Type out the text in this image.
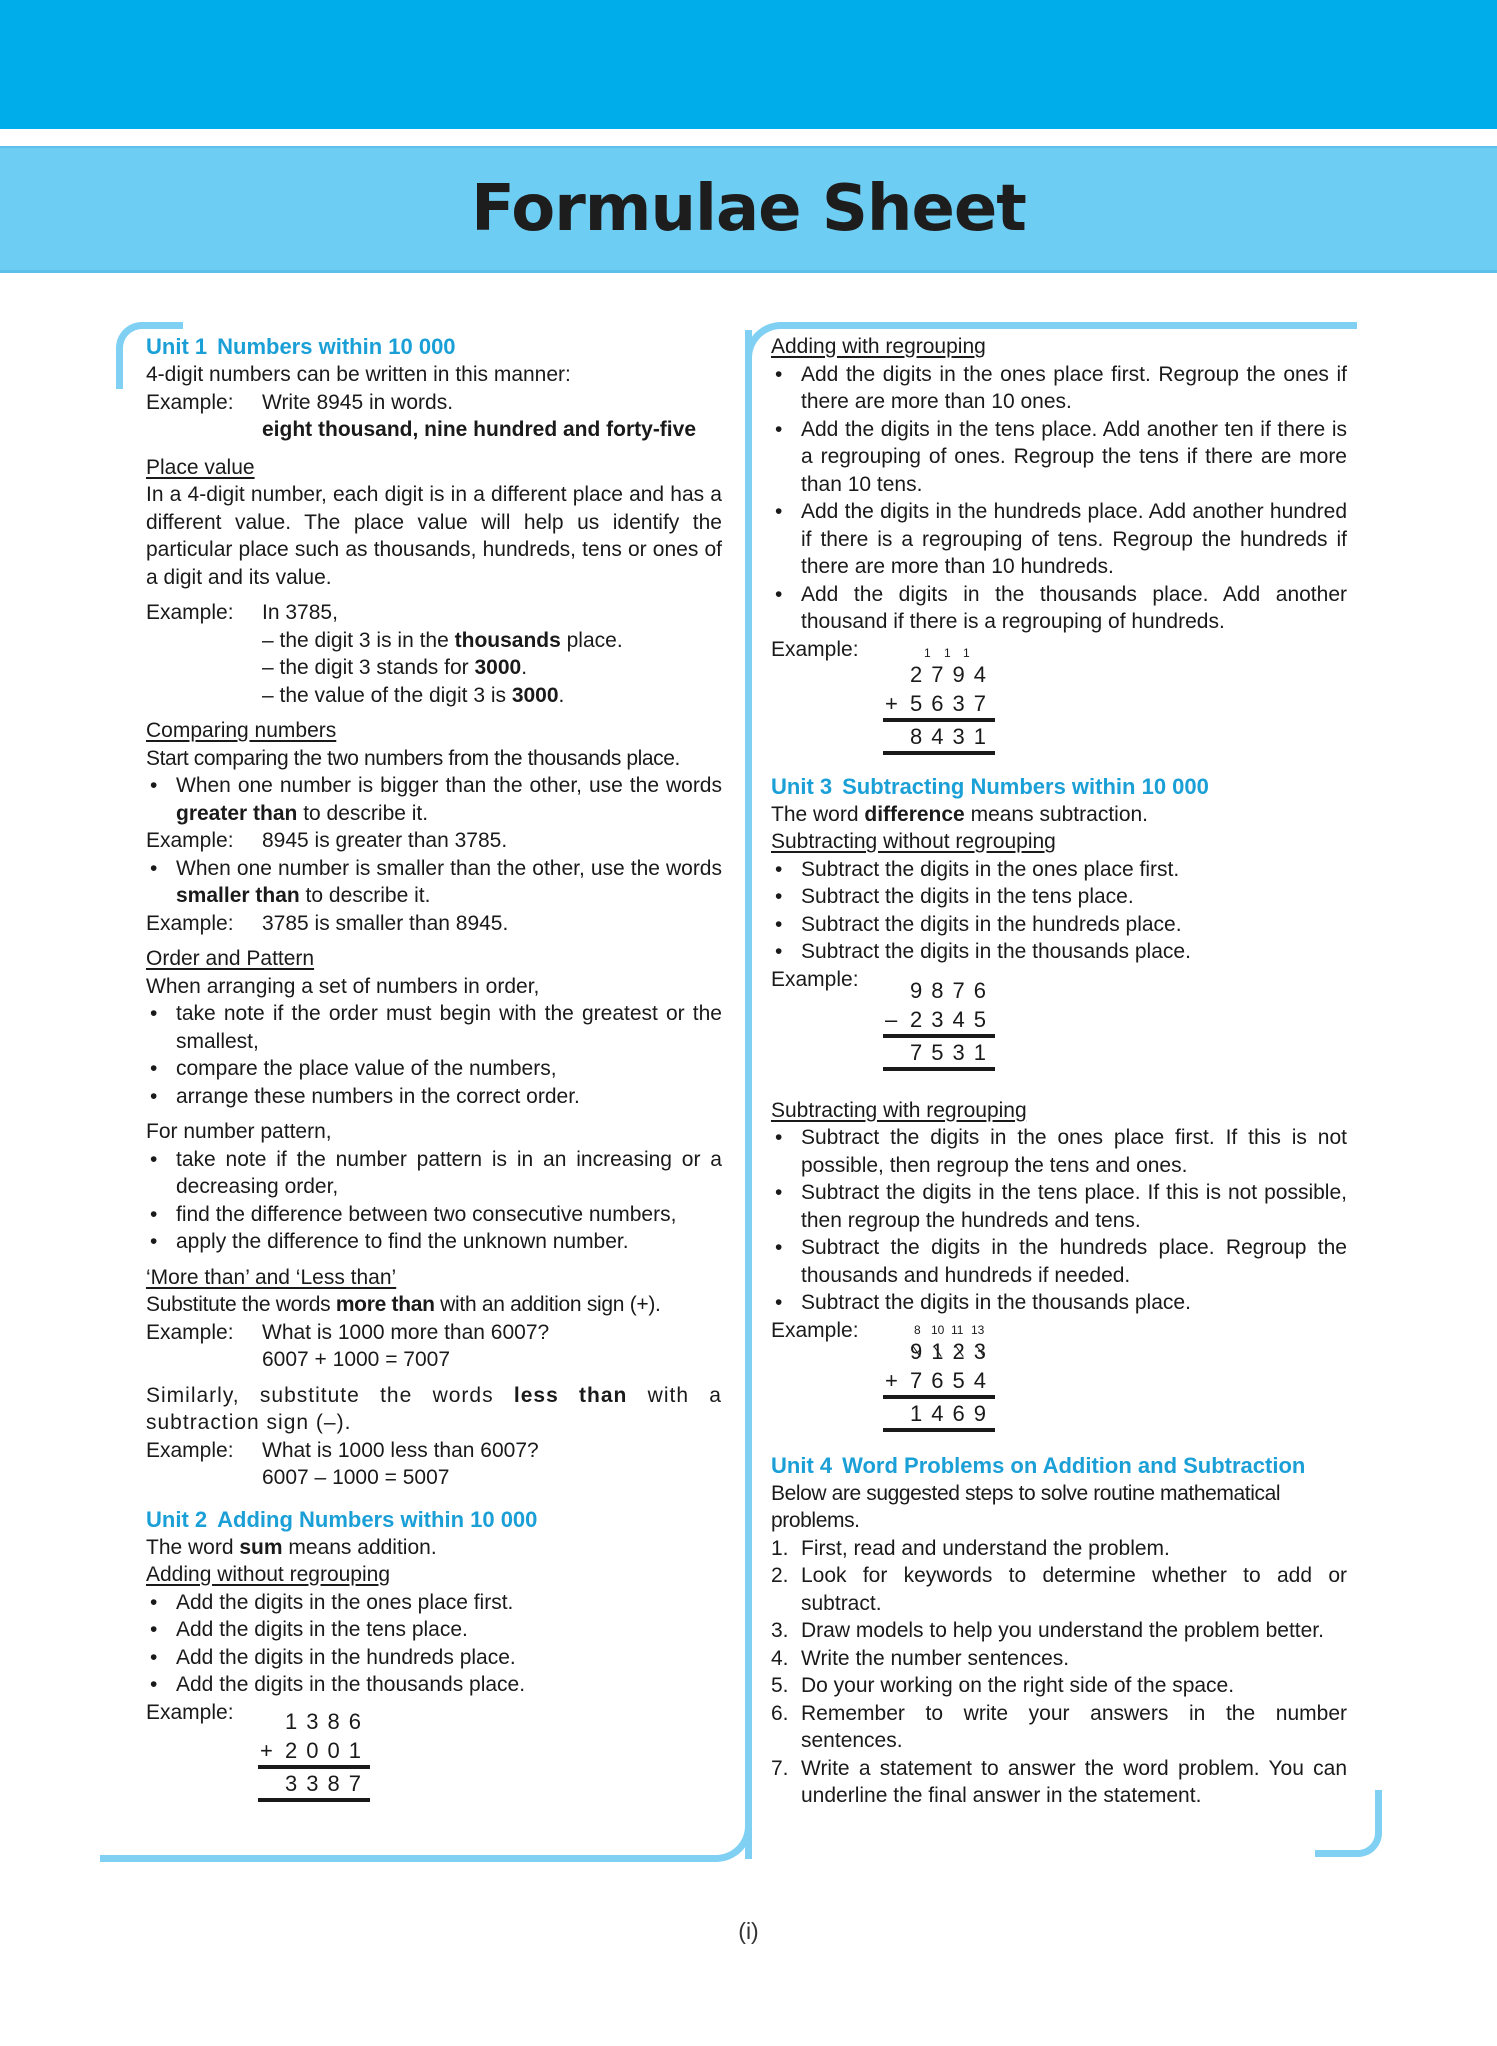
Formulae Sheet
Unit 1 Numbers within 10 000

4-digit numbers can be written in this manner:

Example:	Write 8945 in words.
eight thousand, nine hundred and forty-five
Place value

In a 4-digit number, each digit is in a different place and has a different value. The place value will help us identify the particular place such as thousands, hundreds, tens or ones of a digit and its value.

Example:	In 3785,
– the digit 3 is in the thousands place.
– the digit 3 stands for 3000.
– the value of the digit 3 is 3000.
Comparing numbers

Start comparing the two numbers from the thousands place.

• When one number is bigger than the other, use the words greater than to describe it.
Example:	8945 is greater than 3785.
• When one number is smaller than the other, use the words smaller than to describe it.
Example:	3785 is smaller than 8945.
Order and Pattern

When arranging a set of numbers in order,

• take note if the order must begin with the greatest or the smallest,
• compare the place value of the numbers,
• arrange these numbers in the correct order.

For number pattern,

• take note if the number pattern is in an increasing or a decreasing order,
• find the difference between two consecutive numbers,
• apply the difference to find the unknown number.
‘More than’ and ‘Less than’

Substitute the words more than with an addition sign (+).

Example:	What is 1000 more than 6007?
6007 + 1000 = 7007

Similarly, substitute the words less than with a subtraction sign (–).

Example:	What is 1000 less than 6007?
6007 – 1000 = 5007
Unit 2 Adding Numbers within 10 000

The word sum means addition.

Adding without regrouping
• Add the digits in the ones place first.
• Add the digits in the tens place.
• Add the digits in the hundreds place.
• Add the digits in the thousands place.
Example:	1386
+ 2001
3387
Adding with regrouping
• Add the digits in the ones place first. Regroup the ones if there are more than 10 ones.
• Add the digits in the tens place. Add another ten if there is a regrouping of ones. Regroup the tens if there are more than 10 tens.
• Add the digits in the hundreds place. Add another hundred if there is a regrouping of tens. Regroup the hundreds if there are more than 10 hundreds.
• Add the digits in the thousands place. Add another thousand if there is a regrouping of hundreds.
Example:	1 1 1
2794
+ 5637
8431
Unit 3 Subtracting Numbers within 10 000

The word difference means subtraction.

Subtracting without regrouping
• Subtract the digits in the ones place first.
• Subtract the digits in the tens place.
• Subtract the digits in the hundreds place.
• Subtract the digits in the thousands place.
Example:	9876
– 2345
7531
Subtracting with regrouping
• Subtract the digits in the ones place first. If this is not possible, then regroup the tens and ones.
• Subtract the digits in the tens place. If this is not possible, then regroup the hundreds and tens.
• Subtract the digits in the hundreds place. Regroup the thousands and hundreds if needed.
• Subtract the digits in the thousands place.
Example:	8 10 11 13
9123
+ 7654
1469
Unit 4 Word Problems on Addition and Subtraction

Below are suggested steps to solve routine mathematical problems.

1. First, read and understand the problem.
2. Look for keywords to determine whether to add or subtract.
3. Draw models to help you understand the problem better.
4. Write the number sentences.
5. Do your working on the right side of the space.
6. Remember to write your answers in the number sentences.
7. Write a statement to answer the word problem. You can underline the final answer in the statement.
(i)
